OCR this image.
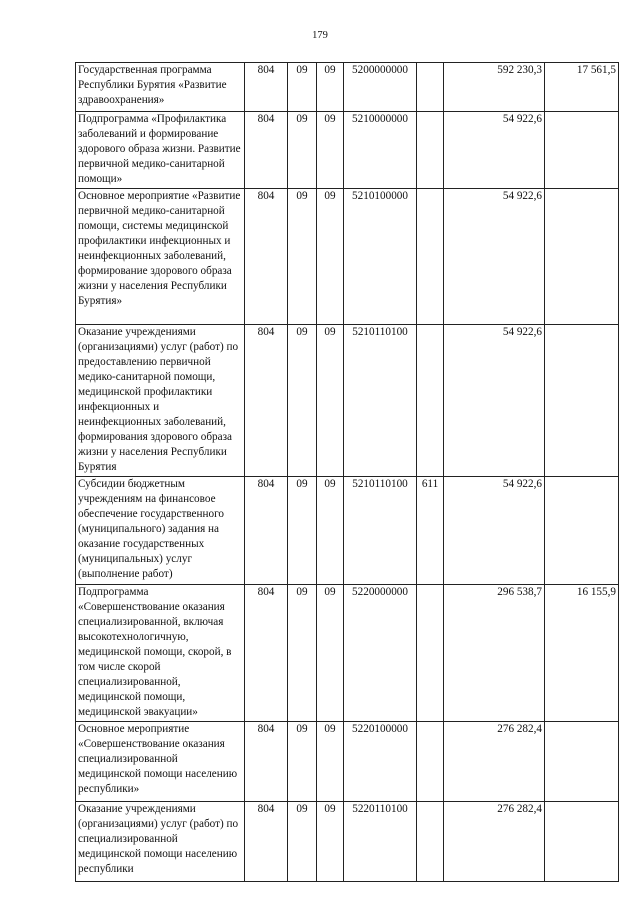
179
Государственная программа Республики Бурятия «Развитие здравоохранения»	804	09	09	5200000000		592 230,3	17 561,5
Подпрограмма «Профилактика заболеваний и формирование здорового образа жизни. Развитие первичной медико-санитарной помощи»	804	09	09	5210000000		54 922,6	
Основное мероприятие «Развитие первичной медико-санитарной помощи, системы медицинской профилактики инфекционных и неинфекционных заболеваний, формирование здорового образа жизни у населения Республики Бурятия»	804	09	09	5210100000		54 922,6	
Оказание учреждениями (организациями) услуг (работ) по предоставлению первичной медико-санитарной помощи, медицинской профилактики инфекционных и неинфекционных заболеваний, формирования здорового образа жизни у населения Республики Бурятия	804	09	09	5210110100		54 922,6	
Субсидии бюджетным учреждениям на финансовое обеспечение государственного (муниципального) задания на оказание государственных (муниципальных) услуг (выполнение работ)	804	09	09	5210110100	611	54 922,6	
Подпрограмма «Совершенствование оказания специализированной, включая высокотехнологичную, медицинской помощи, скорой, в том числе скорой специализированной, медицинской помощи, медицинской эвакуации»	804	09	09	5220000000		296 538,7	16 155,9
Основное мероприятие «Совершенствование оказания специализированной медицинской помощи населению республики»	804	09	09	5220100000		276 282,4	
Оказание учреждениями (организациями) услуг (работ) по специализированной медицинской помощи населению республики	804	09	09	5220110100		276 282,4	
